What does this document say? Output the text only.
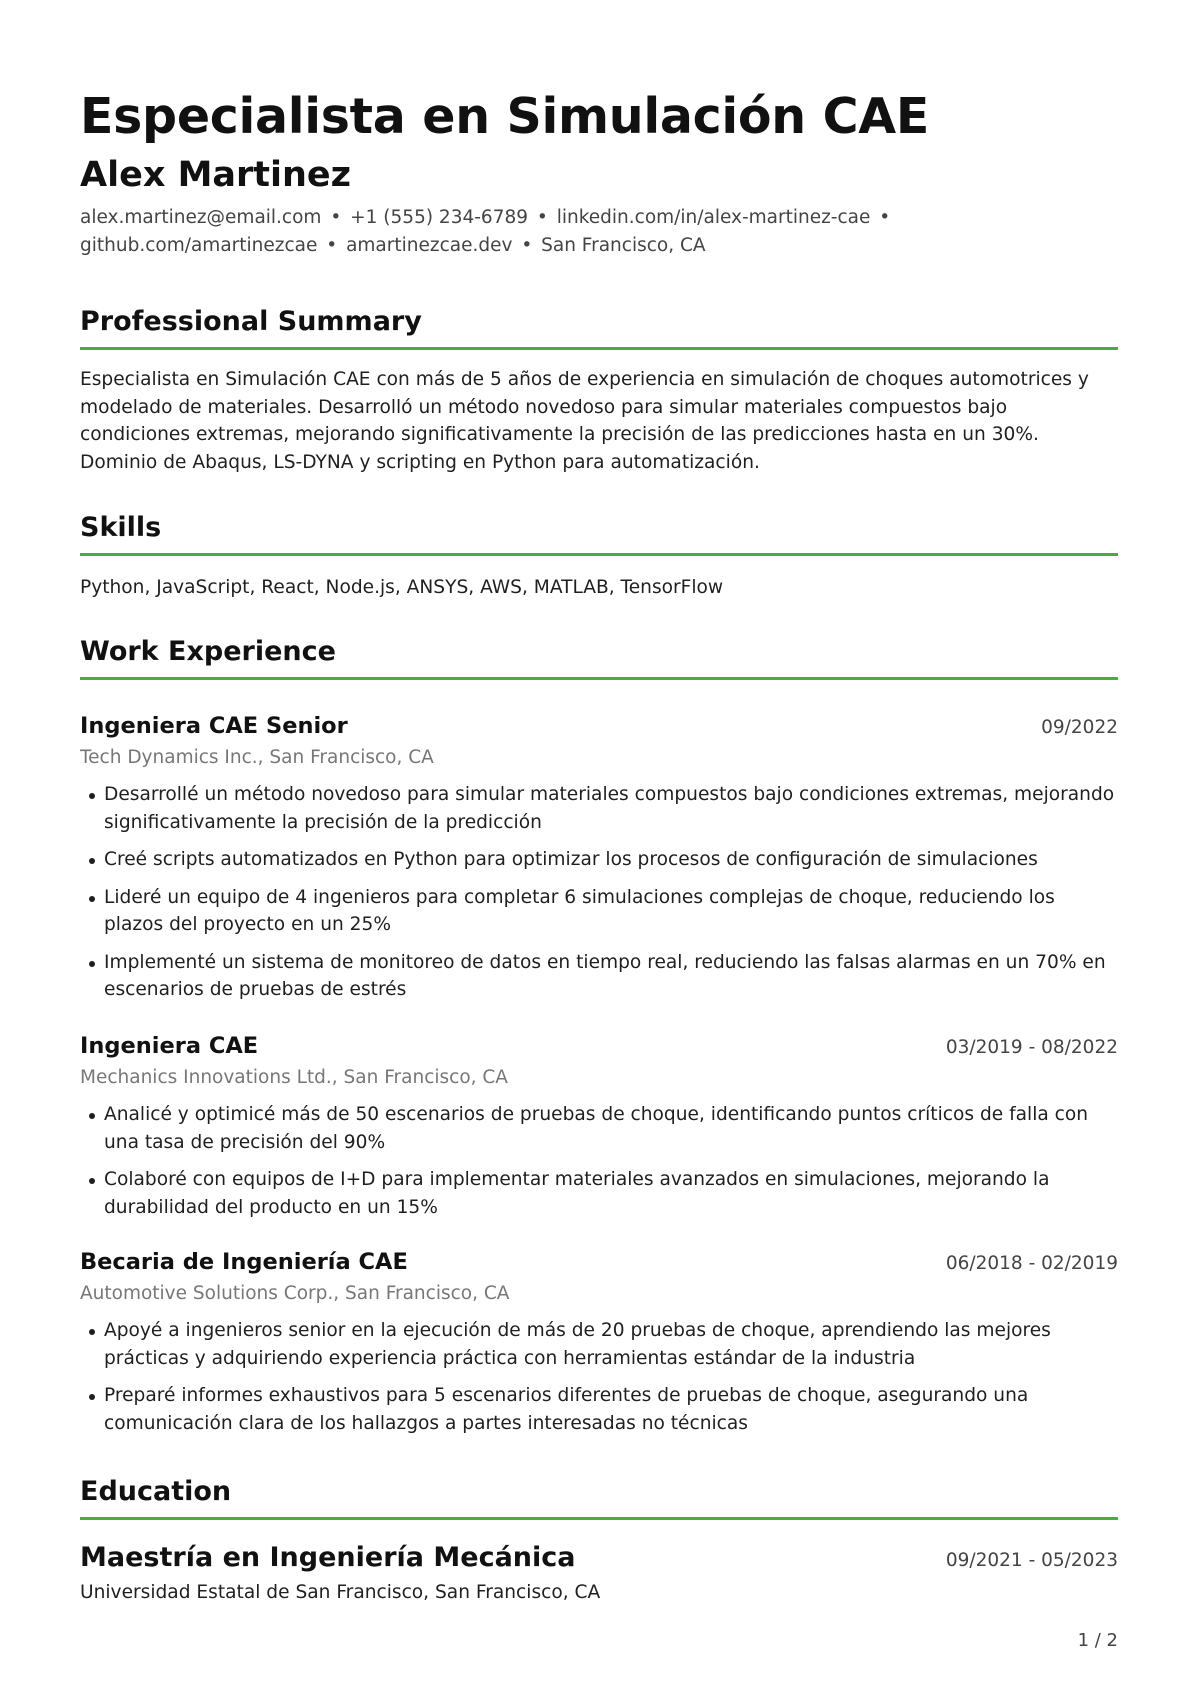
Especialista en Simulación CAE
Alex Martinez
alex.martinez@email.com • +1 (555) 234-6789 • linkedin.com/in/alex-martinez-cae • github.com/amartinezcae • amartinezcae.dev • San Francisco, CA
Professional Summary

Especialista en Simulación CAE con más de 5 años de experiencia en simulación de choques automotrices y modelado de materiales. Desarrolló un método novedoso para simular materiales compuestos bajo condiciones extremas, mejorando significativamente la precisión de las predicciones hasta en un 30%. Dominio de Abaqus, LS-DYNA y scripting en Python para automatización.

Skills

Python, JavaScript, React, Node.js, ANSYS, AWS, MATLAB, TensorFlow

Work Experience
Ingeniera CAE Senior	09/2022
Tech Dynamics Inc., San Francisco, CA
Desarrollé un método novedoso para simular materiales compuestos bajo condiciones extremas, mejorando significativamente la precisión de la predicción
Creé scripts automatizados en Python para optimizar los procesos de configuración de simulaciones
Lideré un equipo de 4 ingenieros para completar 6 simulaciones complejas de choque, reduciendo los plazos del proyecto en un 25%
Implementé un sistema de monitoreo de datos en tiempo real, reduciendo las falsas alarmas en un 70% en escenarios de pruebas de estrés
Ingeniera CAE	03/2019 - 08/2022
Mechanics Innovations Ltd., San Francisco, CA
Analicé y optimicé más de 50 escenarios de pruebas de choque, identificando puntos críticos de falla con una tasa de precisión del 90%
Colaboré con equipos de I+D para implementar materiales avanzados en simulaciones, mejorando la durabilidad del producto en un 15%
Becaria de Ingeniería CAE	06/2018 - 02/2019
Automotive Solutions Corp., San Francisco, CA
Apoyé a ingenieros senior en la ejecución de más de 20 pruebas de choque, aprendiendo las mejores prácticas y adquiriendo experiencia práctica con herramientas estándar de la industria
Preparé informes exhaustivos para 5 escenarios diferentes de pruebas de choque, asegurando una comunicación clara de los hallazgos a partes interesadas no técnicas
Education
Maestría en Ingeniería Mecánica	09/2021 - 05/2023
Universidad Estatal de San Francisco, San Francisco, CA
1 / 2
